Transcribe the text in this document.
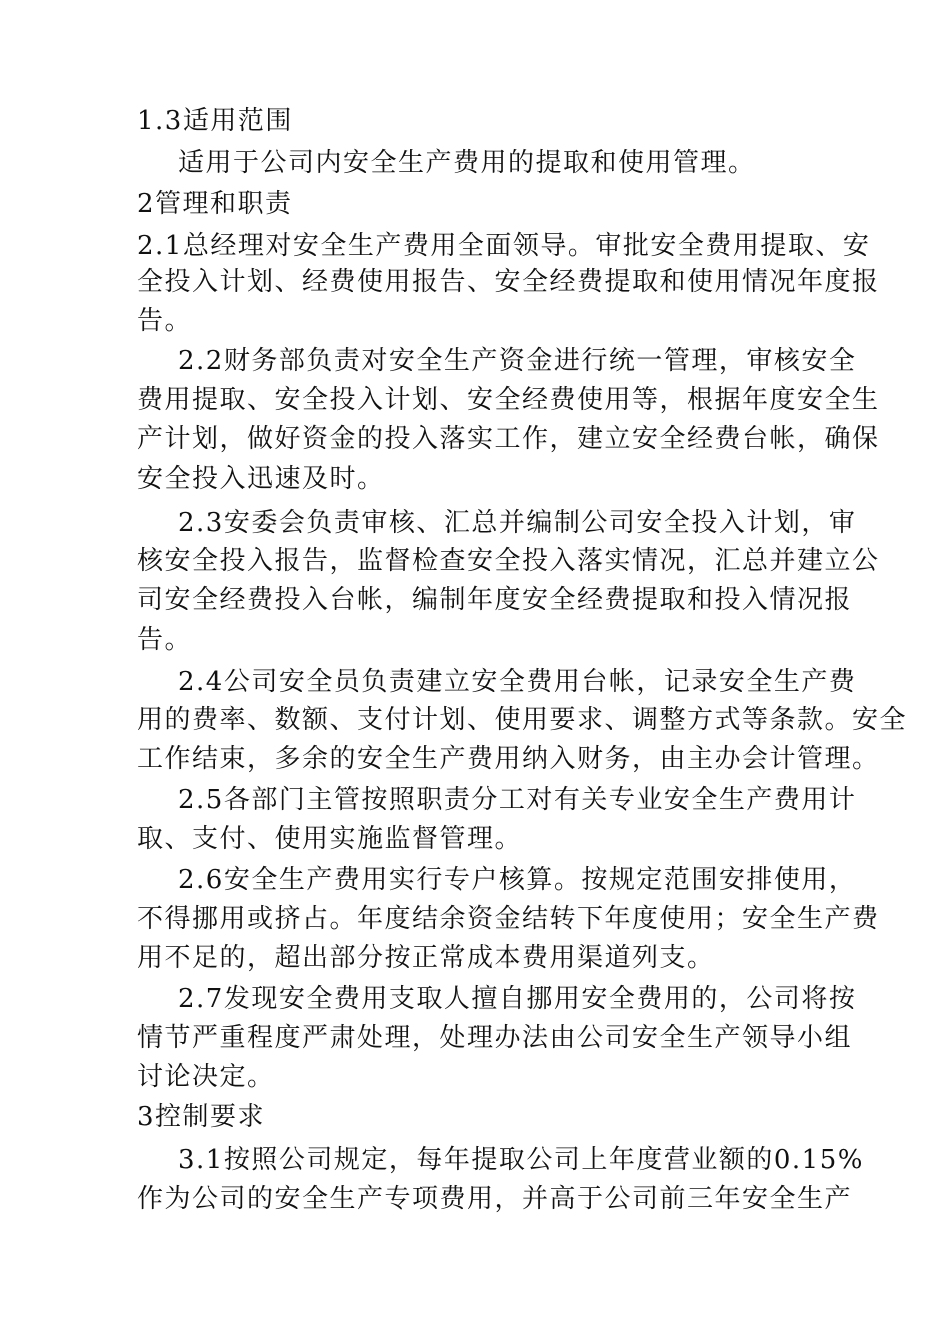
1.3适用范围
适用于公司内安全生产费用的提取和使用管理。
2管理和职责
2.1总经理对安全生产费用全面领导。审批安全费用提取、安
全投入计划、经费使用报告、安全经费提取和使用情况年度报
告。
2.2财务部负责对安全生产资金进行统一管理，审核安全
费用提取、安全投入计划、安全经费使用等，根据年度安全生
产计划，做好资金的投入落实工作，建立安全经费台帐，确保
安全投入迅速及时。
2.3安委会负责审核、汇总并编制公司安全投入计划，审
核安全投入报告，监督检查安全投入落实情况，汇总并建立公
司安全经费投入台帐，编制年度安全经费提取和投入情况报
告。
2.4公司安全员负责建立安全费用台帐，记录安全生产费
用的费率、数额、支付计划、使用要求、调整方式等条款。安全
工作结束，多余的安全生产费用纳入财务，由主办会计管理。
2.5各部门主管按照职责分工对有关专业安全生产费用计
取、支付、使用实施监督管理。
2.6安全生产费用实行专户核算。按规定范围安排使用，
不得挪用或挤占。年度结余资金结转下年度使用；安全生产费
用不足的，超出部分按正常成本费用渠道列支。
2.7发现安全费用支取人擅自挪用安全费用的，公司将按
情节严重程度严肃处理，处理办法由公司安全生产领导小组
讨论决定。
3控制要求
3.1按照公司规定，每年提取公司上年度营业额的0.15%
作为公司的安全生产专项费用，并高于公司前三年安全生产
